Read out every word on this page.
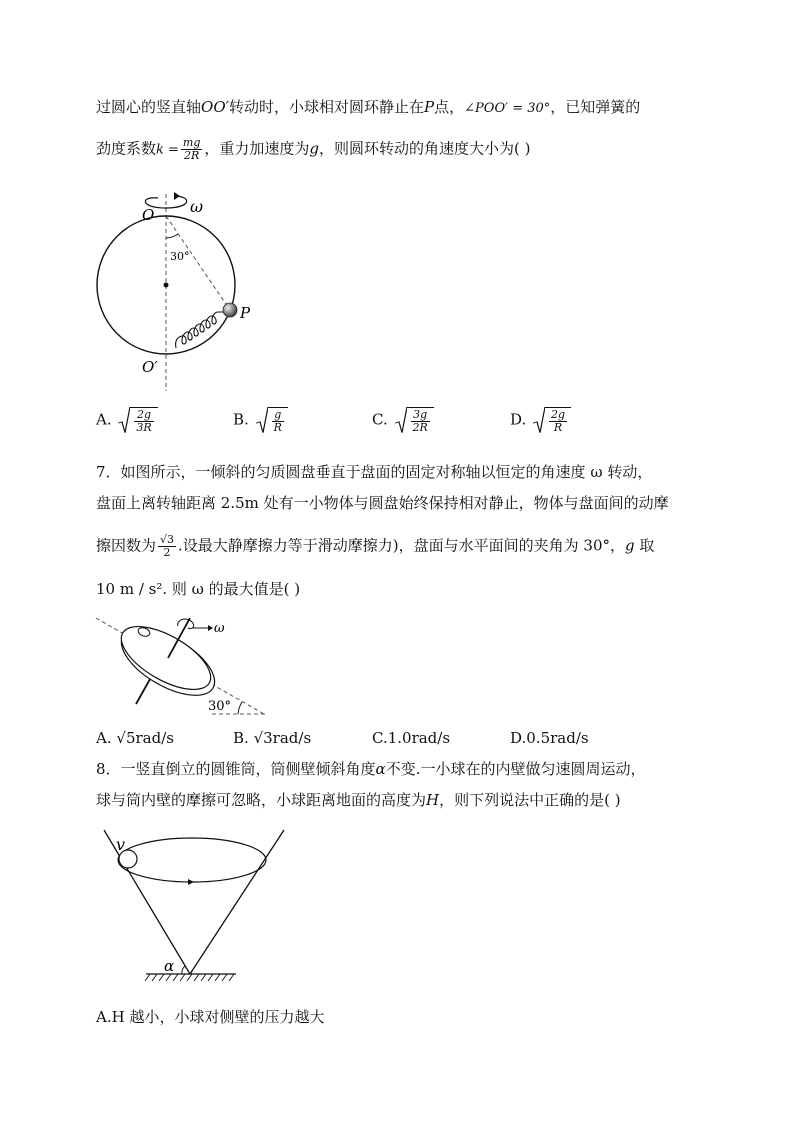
过圆心的竖直轴OO′转动时，小球相对圆环静止在P点，∠POO′ = 30°，已知弹簧的
劲度系数$k = \frac{mg}{2R}$ ，重力加速度为g，则圆环转动的角速度大小为( )
O ω
30°
P
O′
A. $\frac{2g}{3R}$	B. $\frac{g}{R}$	C. $\frac{3g}{2R}$	D. $\frac{2g}{R}$
7．如图所示，一倾斜的匀质圆盘垂直于盘面的固定对称轴以恒定的角速度 ω 转动，
盘面上离转轴距离 2.5m 处有一小物体与圆盘始终保持相对静止，物体与盘面间的动摩
擦因数为 $\frac{√3}{2}$ .设最大静摩擦力等于滑动摩擦力)，盘面与水平面间的夹角为 30°，g 取
10 m / s². 则 ω 的最大值是( )
ω
30°
A. √5rad/s	B. √3rad/s	C.1.0rad/s	D.0.5rad/s
8．一竖直倒立的圆锥筒，筒侧壁倾斜角度α不变.一小球在的内壁做匀速圆周运动，
球与筒内壁的摩擦可忽略，小球距离地面的高度为H，则下列说法中正确的是( )
v
α
A.H 越小，小球对侧壁的压力越大
